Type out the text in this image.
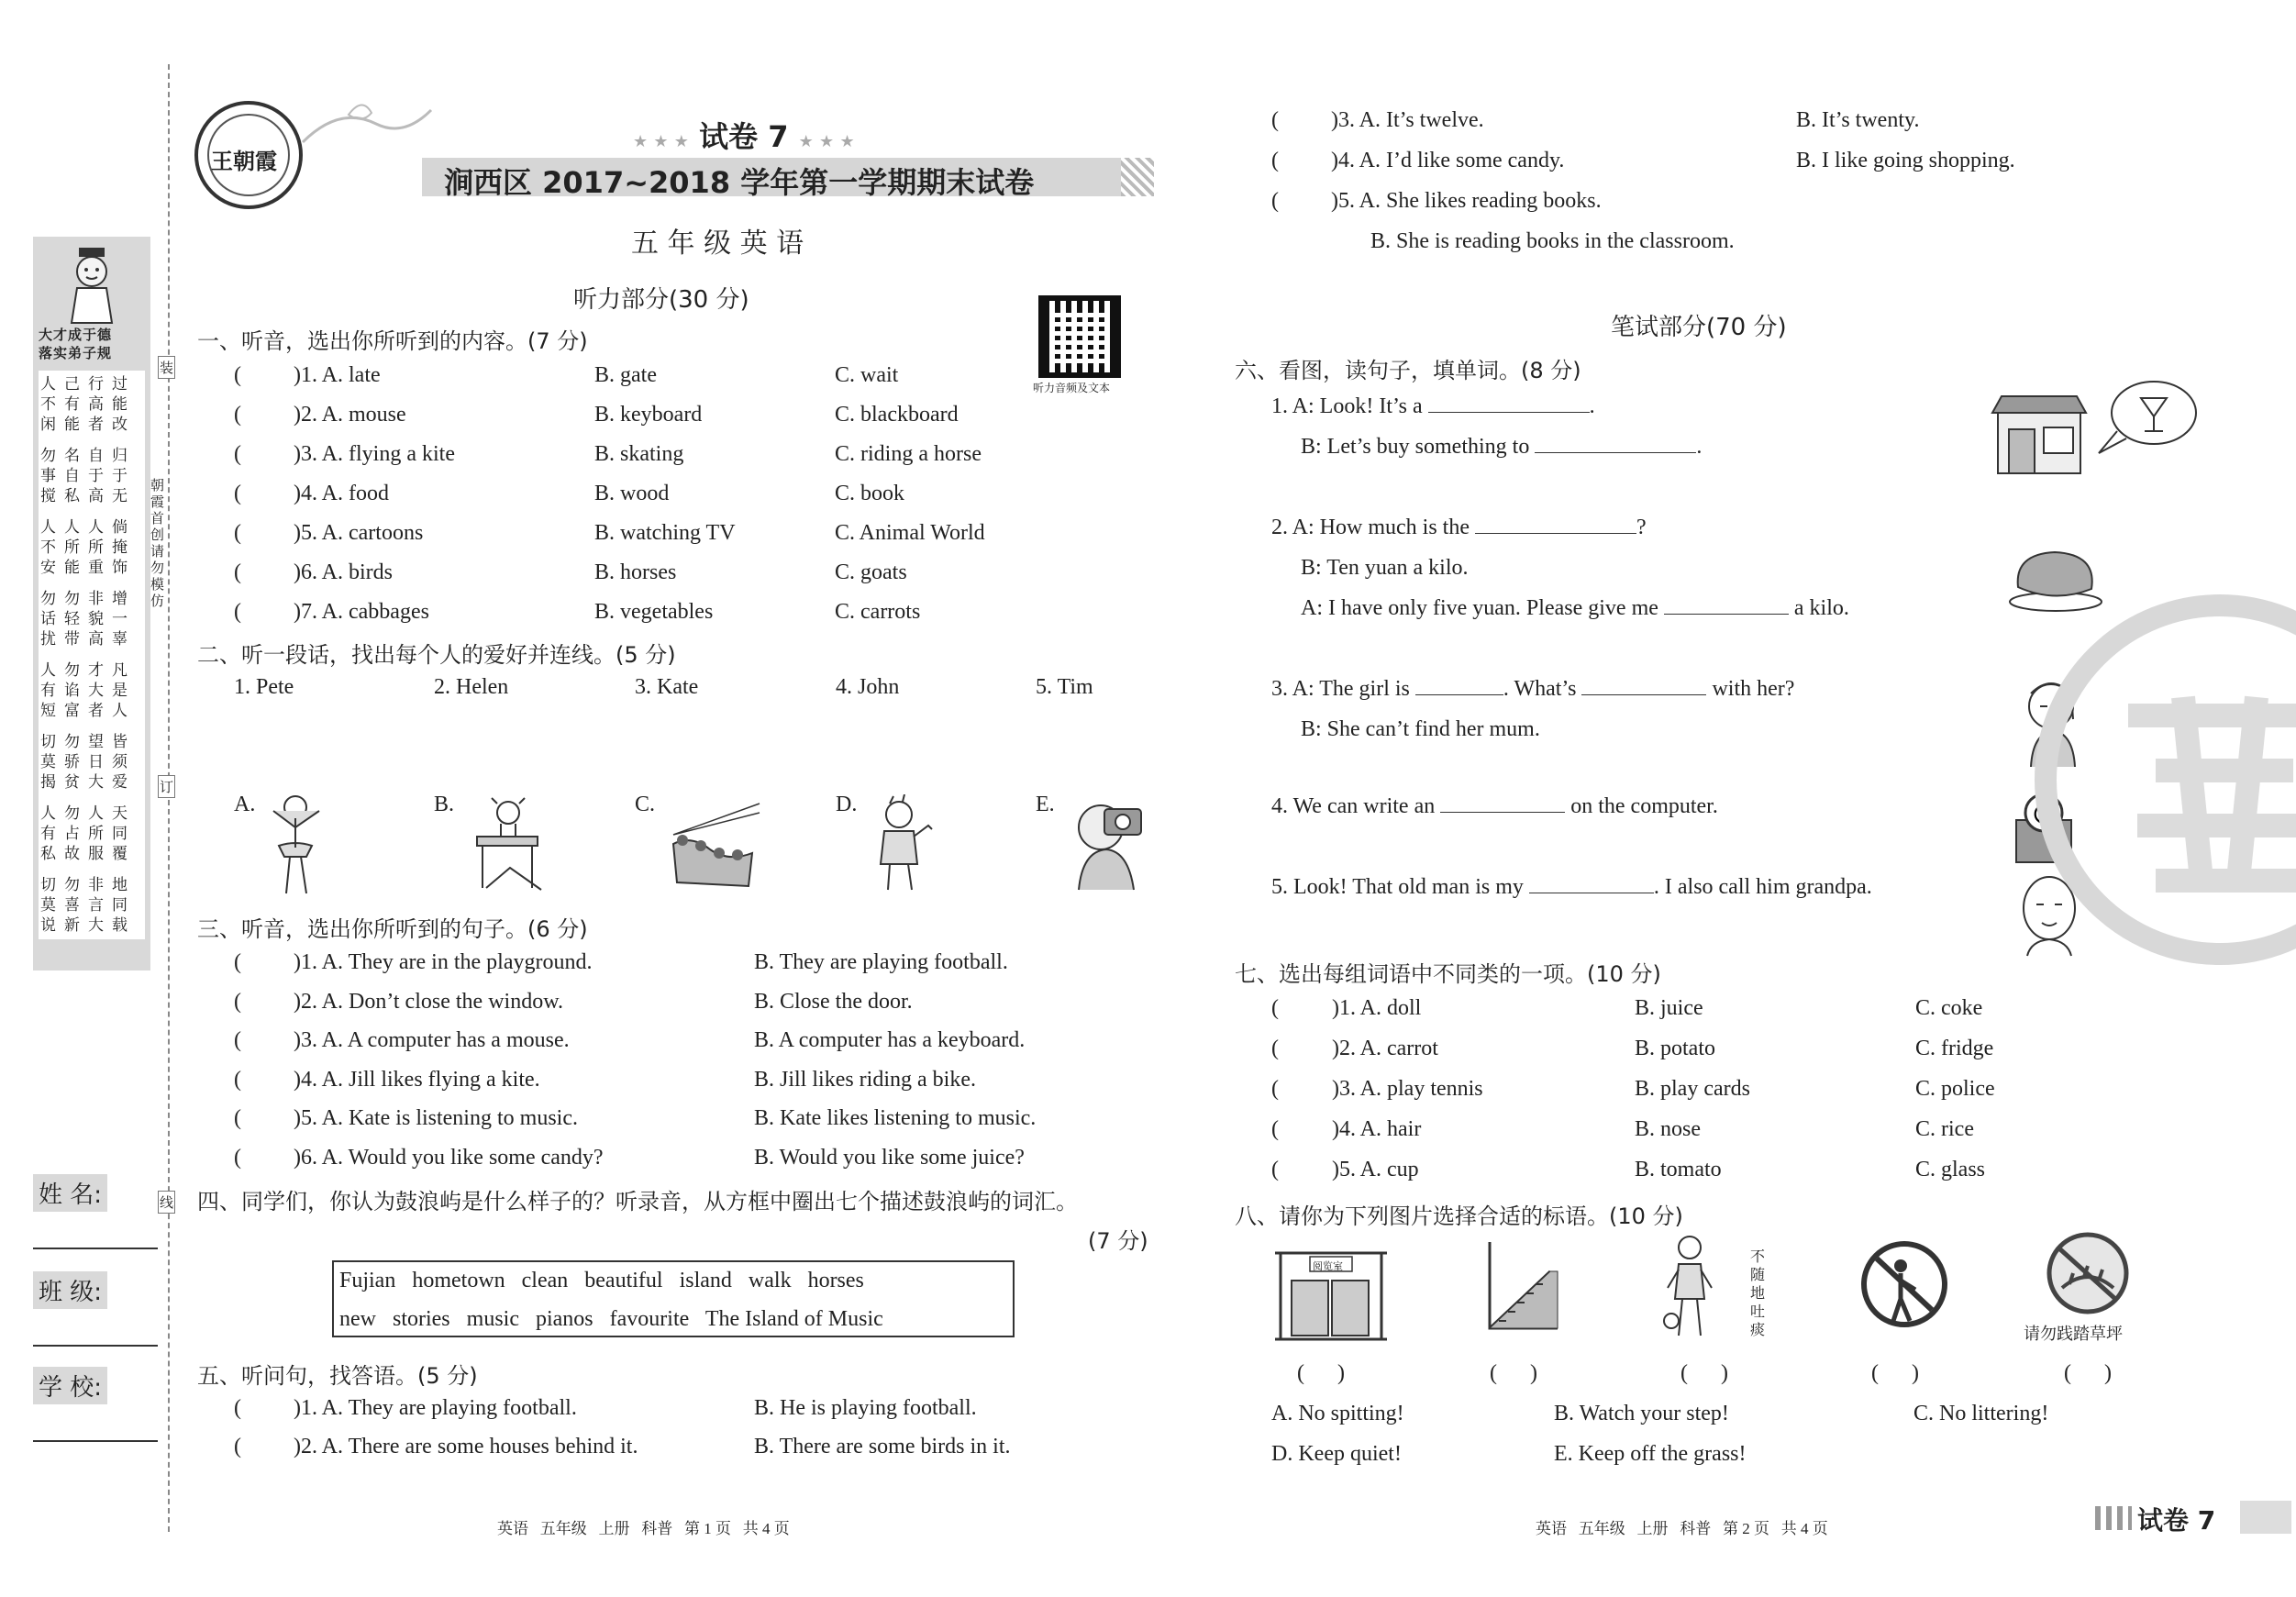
大才成于德
落实弟子规
人己行过
不有高能
闲能者改
勿名自归
事自于于
搅私高无
人人人倘
不所所掩
安能重饰
勿勿非增
话轻貌一
扰带高辜
人勿才凡
有谄大是
短富者人
切勿望皆
莫骄日须
揭贫大爱
人勿人天
有占所同
私故服覆
切勿非地
莫喜言同
说新大载
朝霞首创 请勿模仿
装
订
线
姓 名:
班 级:
学 校:
王朝霞
★ ★ ★ 试卷 7 ★ ★ ★
涧西区 2017~2018 学年第一学期期末试卷
五 年 级 英 语
听力音频及文本
听力部分(30 分)
一、听音，选出你所听到的内容。(7 分)
( )1. A. late	B. gate	C. wait
( )2. A. mouse	B. keyboard	C. blackboard
( )3. A. flying a kite	B. skating	C. riding a horse
( )4. A. food	B. wood	C. book
( )5. A. cartoons	B. watching TV	C. Animal World
( )6. A. birds	B. horses	C. goats
( )7. A. cabbages	B. vegetables	C. carrots
二、听一段话，找出每个人的爱好并连线。(5 分)
1. Pete	2. Helen	3. Kate	4. John	5. Tim
A.	B.	C.	D.	E.
三、听音，选出你所听到的句子。(6 分)
( )1. A. They are in the playground.	B. They are playing football.
( )2. A. Don’t close the window.	B. Close the door.
( )3. A. A computer has a mouse.	B. A computer has a keyboard.
( )4. A. Jill likes flying a kite.	B. Jill likes riding a bike.
( )5. A. Kate is listening to music.	B. Kate likes listening to music.
( )6. A. Would you like some candy?	B. Would you like some juice?
四、同学们，你认为鼓浪屿是什么样子的？听录音，从方框中圈出七个描述鼓浪屿的词汇。
(7 分)
Fujian   hometown   clean   beautiful   island   walk   horses
new   stories   music   pianos   favourite   The Island of Music
五、听问句，找答语。(5 分)
( )1. A. They are playing football.	B. He is playing football.
( )2. A. There are some houses behind it.	B. There are some birds in it.
( )3. A. It’s twelve.	B. It’s twenty.
( )4. A. I’d like some candy.	B. I like going shopping.
( )5. A. She likes reading books.
B. She is reading books in the classroom.
英语   五年级   上册   科普   第 1 页   共 4 页
笔试部分(70 分)
六、看图，读句子，填单词。(8 分)
1. A: Look! It’s a	.
B: Let’s buy something to	.
2. A: How much is the	?
B: Ten yuan a kilo.
A: I have only five yuan. Please give me	a kilo.
3. A: The girl is	. What’s	with her?
B: She can’t find her mum.
4. We can write an	on the computer.	@
5. Look! That old man is my	. I also call him grandpa.
七、选出每组词语中不同类的一项。(10 分)
( )1. A. doll	B. juice	C. coke
( )2. A. carrot	B. potato	C. fridge
( )3. A. play tennis	B. play cards	C. police
( )4. A. hair	B. nose	C. rice
( )5. A. cup	B. tomato	C. glass
八、请你为下列图片选择合适的标语。(10 分)
阅览室
不随地吐痰	请勿践踏草坪
(      )	(      )	(      )	(      )	(      )
A. No spitting!	B. Watch your step!	C. No littering!
D. Keep quiet!	E. Keep off the grass!
英语   五年级   上册   科普   第 2 页   共 4 页	试卷 7
